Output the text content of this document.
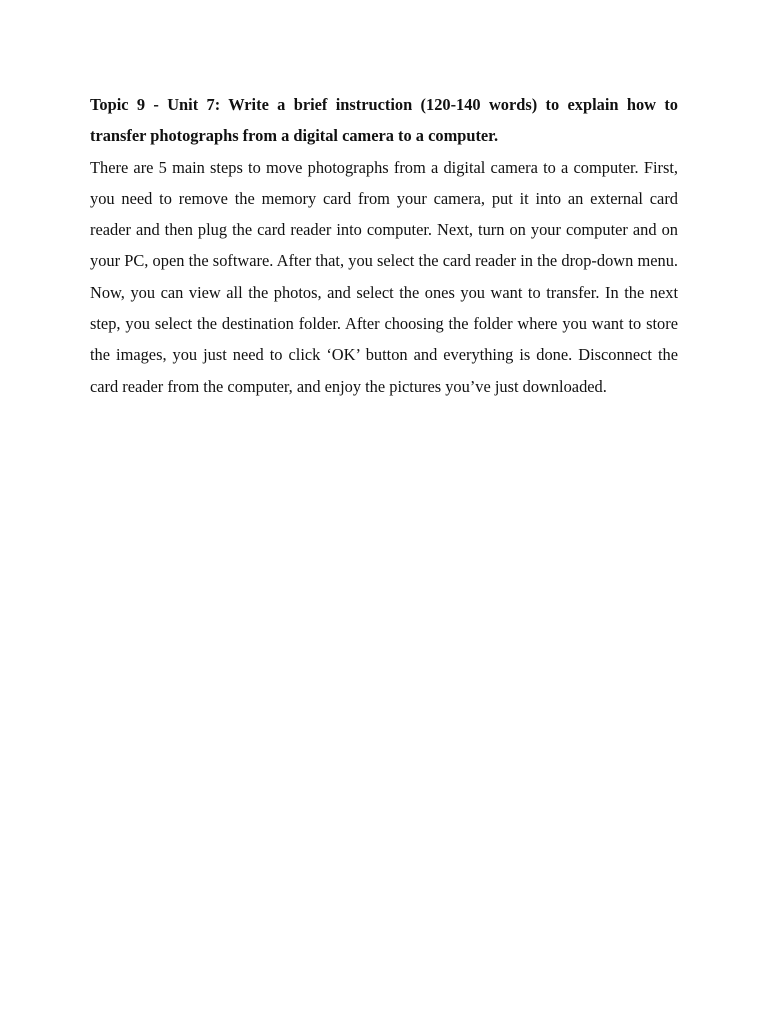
Topic 9 - Unit 7: Write a brief instruction (120-140 words) to explain how to transfer photographs from a digital camera to a computer.

There are 5 main steps to move photographs from a digital camera to a computer. First, you need to remove the memory card from your camera, put it into an external card reader and then plug the card reader into computer. Next, turn on your computer and on your PC, open the software. After that, you select the card reader in the drop-down menu. Now, you can view all the photos, and select the ones you want to transfer. In the next step, you select the destination folder. After choosing the folder where you want to store the images, you just need to click ‘OK’ button and everything is done. Disconnect the card reader from the computer, and enjoy the pictures you’ve just downloaded.
